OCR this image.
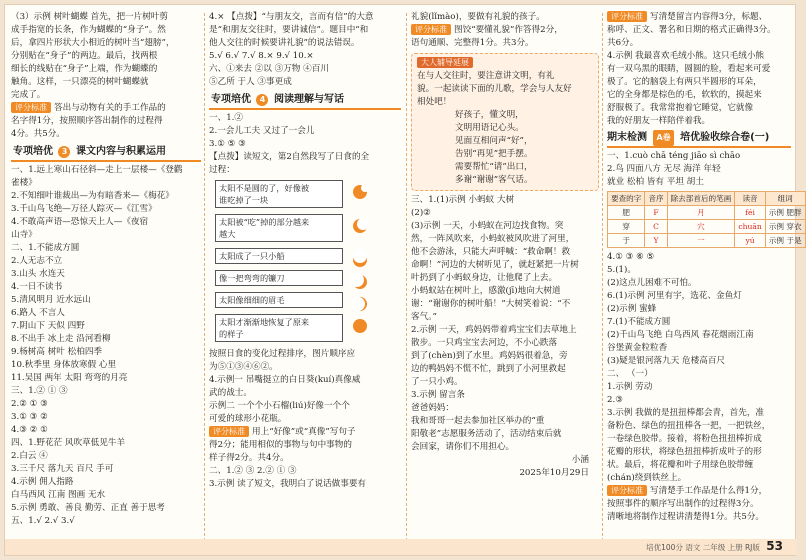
（3）示例 树叶蝴蝶 首先，把一片树叶剪
成手指宽的长条，作为蝴蝶的“身子”。然
后，拿四片形状大小相近的树叶当“翅膀”，
分别贴在“身子”的两边。最后，找两根
细长的线贴在“身子”上端，作为蝴蝶的
触角。这样，一只漂亮的树叶蝴蝶就
完成了。
评分标准 答出与动物有关的手工作品的
名字得1分，按照顺序答出制作的过程得
4分。共5分。
专项培优 3 课文内容与积累运用
一、1.远上寒山石径斜—走上一层楼—《登鹳
雀楼》
2.不知细叶谁裁出—为有暗香来—《梅花》
3.千山鸟飞绝—万径人踪灭—《江雪》
4.不敢高声语—恐惊天上人—《夜宿
山寺》
二、1.不能成方圆
2.人无志不立
3.山头 水连天
4.一日不读书
5.清风明月 近水远山
6.路人 不言人
7.阴山下 天似 四野
8.不出手 冰上走 沿河看柳
9.杨树高 树叶 松柏四季
10.秋季里 身体放寒假 心里
11.吴国 两年 太阳 弯弯的月亮
三、1.② ① ③
2.② ① ③
3.① ③ ②
4.③ ② ①
四、1.野花茫 风吹草低见牛羊
2.白云 ④
3.三千尺 落九天 百尺 手可
4.示例 佣人指路
白马西风 江南 图画 无水
5.示例 勇敢、善良 勤劳、正直 善于思考
五、1.√ 2.√ 3.√
4.× 【点拨】“与朋友交，言而有信”的大意
是“和朋友交往时，要讲诚信”。题目中“和
他人交往的时候要讲礼貌”的说法错误。
5.√ 6.√ 7.√ 8.× 9.√ 10.×
六、①来去 ②以 ③万物 ④百川
⑤乙所 于人 ③事更成
专项培优 4 阅读理解与写话
一、1.②
2.一会儿工夫 又过了一会儿
3.① ⑤ ③
【点拨】读短文，第2自然段写了日食的全
过程：
太阳不是圆的了，好像被
谁吃掉了一块
太阳被“吃”掉的部分越来
越大
太阳成了一只小船
像一把弯弯的镰刀
太阳像细细的眉毛
太阳才渐渐地恢复了原来
的样子
按照日食的变化过程排序，图片顺序应
为⑤①③④⑥②。
4.示例一 吊嘴挺立的白日葵(kuí)真像威
武的战士。
示例二 一个个小石榴(liú)好像一个个
可爱的球形小花瓶。
评分标准 用上“好像”或“真像”写句子
得2分；能用相似的事物与句中事物的
样子得2分。共4分。
二、1.② ③ 2.② ① ③
3.示例 读了短文，我明白了说话做事要有
礼貌(lǐmào)，要做有礼貌的孩子。
评分标准 图饺“要懂礼貌”作答得2分，
语句通顺、完整得1分。共3分。
大人辅导延展
在与人交往时，要注意讲文明，有礼
貌。一起读读下面的儿歌，学会与人友好
相处吧！
好孩子，懂文明，
文明用语记心头。
见面互相问声“好”，
告别“再见”把手摆。
需要帮忙“请”出口，
多谢“谢谢”客气话。
三、1.(1)示例 小蚂蚁 大树
(2)②
(3)示例 一天，小蚂蚁在河边找食物。突
然，一阵风吹来，小蚂蚁被风吹进了河里，
他不会游泳，只能大声呼喊：“救命啊！救
命啊！”河边的大树听见了，就赶紧把一片树
叶扔到了小蚂蚁身边，让他爬了上去。
小蚂蚁站在树叶上，感激(jī)地向大树道
谢：“谢谢你的树叶船！”大树笑着说：“不
客气。”
2.示例 一天，鸡妈妈带着鸡宝宝们去草地上
散步。一只鸡宝宝去河边，不小心跌落
到了(chèn)到了水里。鸡妈妈很着急，旁
边的鸭妈妈不慌不忙，跳到了小河里救起
了一只小鸡。
3.示例 留言条
爸爸妈妈：
我和哥哥一起去参加社区举办的“重
阳敬老”志愿服务活动了，活动结束后就
会回家，请你们不用担心。
小涵
2025年10月29日
评分标准 写清楚留言内容得3分，标题、
称呼、正文、署名和日期的格式正确得3分。
共6分。
4.示例 我最喜欢毛绒小熊。这只毛绒小熊
有一双乌黑的眼睛，圆圆的脸，看起来可爱
极了。它的脑袋上有两只半圆形的耳朵，
它的全身都是棕色的毛，软软的，摸起来
舒服极了。我常常抱着它睡觉，它就像
我的好朋友一样陪伴着我。
期末检测 A卷 培优验收综合卷(一)
一、1.cuò chā téng jiāo sì chāo
2.鸟 四面八方 无尽 海洋 年轻
就业 松柏 皆有 平坦 胡土
要查的字	音序	除去部首后的笔画	读音	组词
肥	F	月	féi	示例 肥胖
穿	C	穴	chuān	示例 穿衣
于	Y	一	yú	示例 于是
4.① ③ ⑥ ⑤
5.(1)。
(2)这点儿困难不可怕。
6.(1)示例 河里有宇，选花、金鱼灯
(2)示例 蜜蜂
7.(1)不能成方圆
(2)千山鸟飞绝 白鸟西风 春花烟雨江南
谷堡黄金粒粒香
(3)疑是银河落九天 危楼高百尺
二、 （一）
1.示例 劳动
2.③
3.示例 我做的是扭扭棒都会青，首先，准
备粉色、绿色的扭扭棒各一把，一把铁丝，
一卷绿色胶带。接着，将粉色扭扭棒折成
花瓣的形状，将绿色扭扭棒折成叶子的形
状。最后，将花瓣和叶子用绿色胶带缠
(chán)绕到铁丝上。
评分标准 写清楚手工作品是什么得1分，
按照事件的顺序写出制作的过程得3分。
清晰地将制作过程讲清楚得1分。共5分。
培优100分 语文 二年级 上册 RJ版 53
